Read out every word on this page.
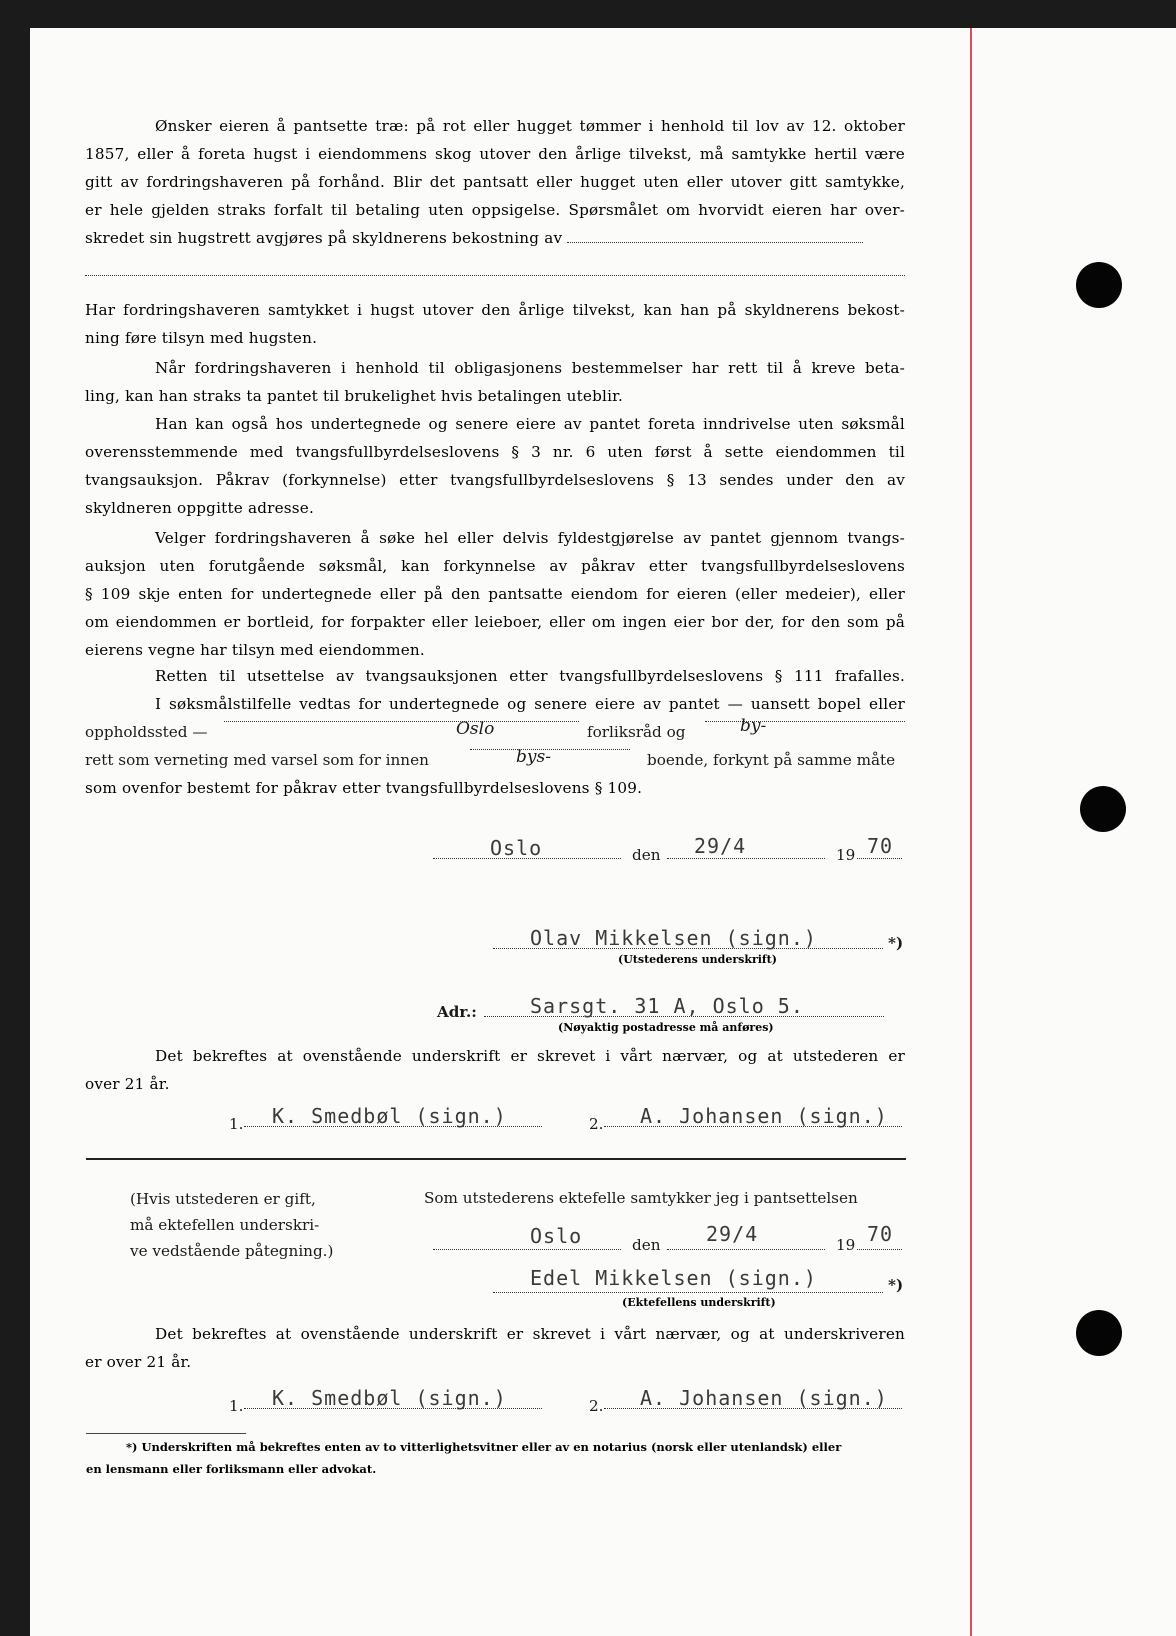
Ønsker eieren å pantsette træ: på rot eller hugget tømmer i henhold til lov av 12. oktober
1857, eller å foreta hugst i eiendommens skog utover den årlige tilvekst, må samtykke hertil være
gitt av fordringshaveren på forhånd. Blir det pantsatt eller hugget uten eller utover gitt samtykke,
er hele gjelden straks forfalt til betaling uten oppsigelse. Spørsmålet om hvorvidt eieren har over-
skredet sin hugstrett avgjøres på skyldnerens bekostning av
Har fordringshaveren samtykket i hugst utover den årlige tilvekst, kan han på skyldnerens bekost-
ning føre tilsyn med hugsten.
Når fordringshaveren i henhold til obligasjonens bestemmelser har rett til å kreve beta-
ling, kan han straks ta pantet til brukelighet hvis betalingen uteblir.
Han kan også hos undertegnede og senere eiere av pantet foreta inndrivelse uten søksmål
overensstemmende med tvangsfullbyrdelseslovens § 3 nr. 6 uten først å sette eiendommen til
tvangsauksjon. Påkrav (forkynnelse) etter tvangsfullbyrdelseslovens § 13 sendes under den av
skyldneren oppgitte adresse.
Velger fordringshaveren å søke hel eller delvis fyldestgjørelse av pantet gjennom tvangs-
auksjon uten forutgående søksmål, kan forkynnelse av påkrav etter tvangsfullbyrdelseslovens
§ 109 skje enten for undertegnede eller på den pantsatte eiendom for eieren (eller medeier), eller
om eiendommen er bortleid, for forpakter eller leieboer, eller om ingen eier bor der, for den som på
eierens vegne har tilsyn med eiendommen.
Retten til utsettelse av tvangsauksjonen etter tvangsfullbyrdelseslovens § 111 frafalles.
I søksmålstilfelle vedtas for undertegnede og senere eiere av pantet — uansett bopel eller
som ovenfor bestemt for påkrav etter tvangsfullbyrdelseslovens § 109.
oppholdssted —	Oslo	forliksråd og	by-
rett som verneting med varsel som for innen	bys-	boende, forkynt på samme måte
Oslo	den 29/4	19 70
Olav Mikkelsen (sign.)	*)
(Utstederens underskrift)
Adr.:	Sarsgt. 31 A, Oslo 5.
(Nøyaktig postadresse må anføres)
Det bekreftes at ovenstående underskrift er skrevet i vårt nærvær, og at utstederen er
over 21 år.
1. K. Smedbøl (sign.)	2. A. Johansen (sign.)
(Hvis utstederen er gift,
må ektefellen underskri-
ve vedstående påtegning.)
Som utstederens ektefelle samtykker jeg i pantsettelsen
Oslo	den 29/4	19 70
Edel Mikkelsen (sign.)	*)
(Ektefellens underskrift)
Det bekreftes at ovenstående underskrift er skrevet i vårt nærvær, og at underskriveren
er over 21 år.
1. K. Smedbøl (sign.)	2. A. Johansen (sign.)
*) Underskriften må bekreftes enten av to vitterlighetsvitner eller av en notarius (norsk eller utenlandsk) eller
en lensmann eller forliksmann eller advokat.
